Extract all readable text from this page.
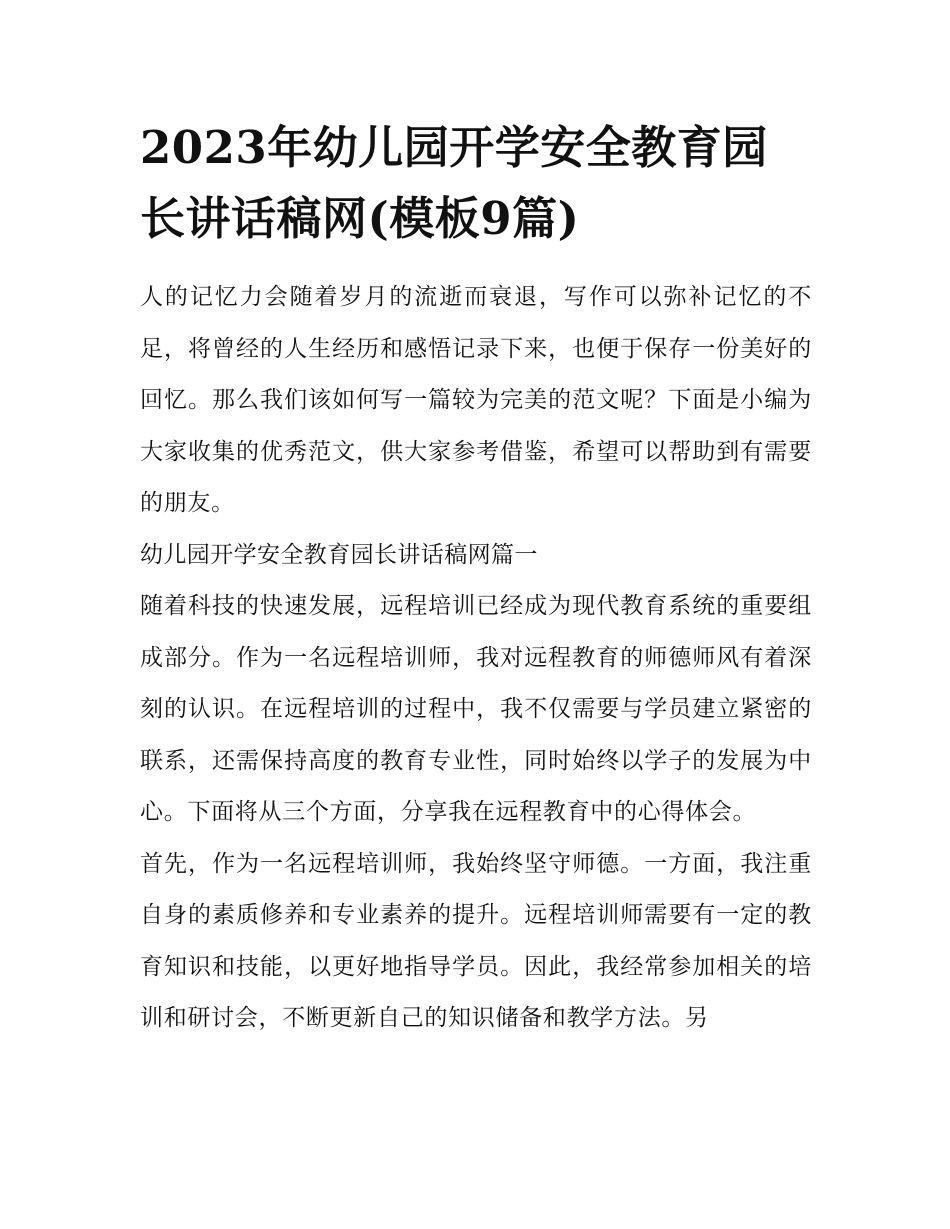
2023年幼儿园开学安全教育园长讲话稿网(模板9篇)

人的记忆力会随着岁月的流逝而衰退，写作可以弥补记忆的不足，将曾经的人生经历和感悟记录下来，也便于保存一份美好的回忆。那么我们该如何写一篇较为完美的范文呢？下面是小编为大家收集的优秀范文，供大家参考借鉴，希望可以帮助到有需要的朋友。

幼儿园开学安全教育园长讲话稿网篇一

随着科技的快速发展，远程培训已经成为现代教育系统的重要组成部分。作为一名远程培训师，我对远程教育的师德师风有着深刻的认识。在远程培训的过程中，我不仅需要与学员建立紧密的联系，还需保持高度的教育专业性，同时始终以学子的发展为中心。下面将从三个方面，分享我在远程教育中的心得体会。

首先，作为一名远程培训师，我始终坚守师德。一方面，我注重自身的素质修养和专业素养的提升。远程培训师需要有一定的教育知识和技能，以更好地指导学员。因此，我经常参加相关的培训和研讨会，不断更新自己的知识储备和教学方法。另
